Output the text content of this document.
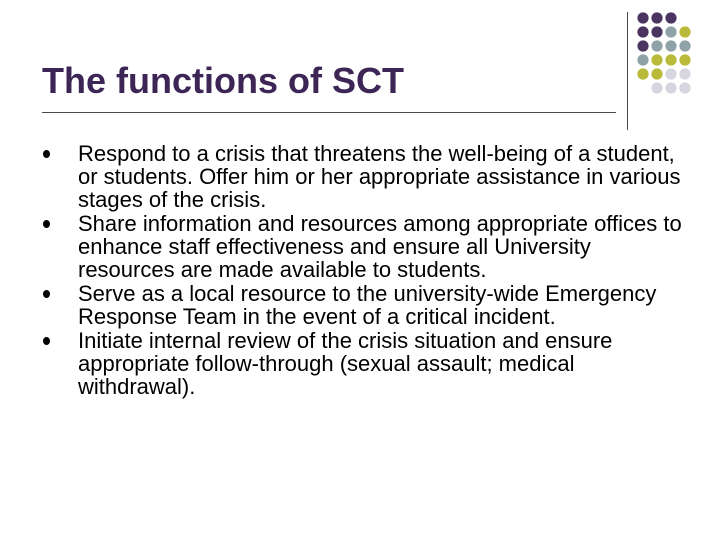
The functions of SCT
Respond to a crisis that threatens the well-being of a student, or students. Offer him or her appropriate assistance in various stages of the crisis.
Share information and resources among appropriate offices to enhance staff effectiveness and ensure all University resources are made available to students.
Serve as a local resource to the university-wide Emergency Response Team in the event of a critical incident.
Initiate internal review of the crisis situation and ensure appropriate follow-through (sexual assault; medical withdrawal).
